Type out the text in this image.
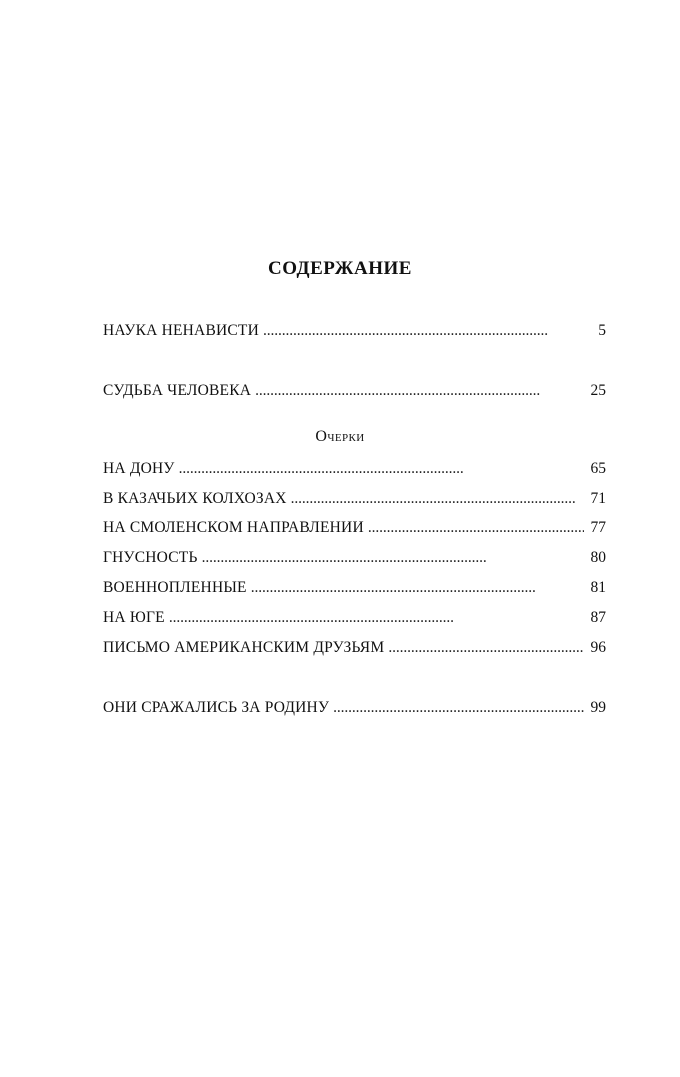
СОДЕРЖАНИЕ
НАУКА НЕНАВИСТИ . . .	5
СУДЬБА ЧЕЛОВЕКА . . .	25
НА ДОНУ . . .	65
В КАЗАЧЬИХ КОЛХОЗАХ . . .	71
НА СМОЛЕНСКОМ НАПРАВЛЕНИИ . . .	77
ГНУСНОСТЬ . . .	80
ВОЕННОПЛЕННЫЕ . . .	81
НА ЮГЕ . . .	87
ПИСЬМО АМЕРИКАНСКИМ ДРУЗЬЯМ . . .	96
ОНИ СРАЖАЛИСЬ ЗА РОДИНУ . . .	99
Очерки
